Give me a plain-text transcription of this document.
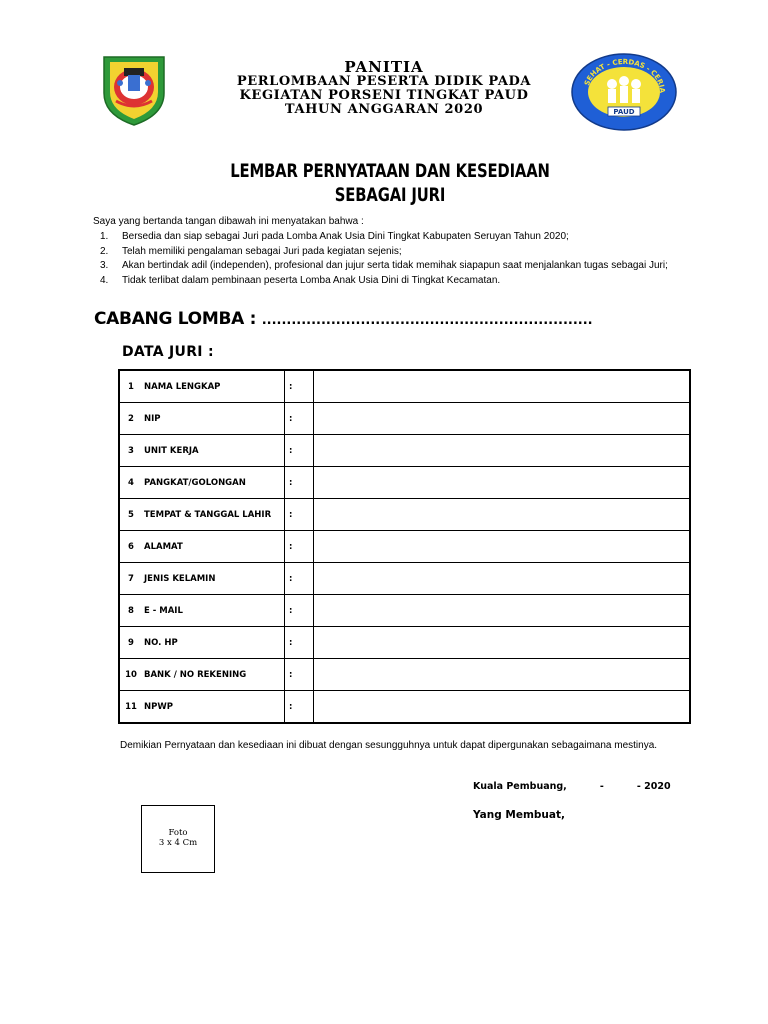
SEHAT - CERDAS - CERIA
PAUD
PANITIA
PERLOMBAAN PESERTA DIDIK PADA
KEGIATAN PORSENI TINGKAT PAUD
TAHUN ANGGARAN 2020
LEMBAR PERNYATAAN DAN KESEDIAAN
SEBAGAI JURI
Saya yang bertanda tangan dibawah ini menyatakan bahwa :
1.	Bersedia dan siap sebagai Juri pada Lomba Anak Usia Dini Tingkat Kabupaten Seruyan Tahun 2020;
2.	Telah memiliki pengalaman sebagai Juri pada kegiatan sejenis;
3.	Akan bertindak adil (independen), profesional dan jujur serta tidak memihak siapapun saat menjalankan tugas sebagai Juri;
4.	Tidak terlibat dalam pembinaan peserta Lomba Anak Usia Dini di Tingkat Kecamatan.
CABANG LOMBA : ...................................................................
DATA JURI :
1	NAMA LENGKAP	:	
2	NIP	:	
3	UNIT KERJA	:	
4	PANGKAT/GOLONGAN	:	
5	TEMPAT & TANGGAL LAHIR	:	
6	ALAMAT	:	
7	JENIS KELAMIN	:	
8	E - MAIL	:	
9	NO. HP	:	
10	BANK / NO REKENING	:	
11	NPWP	:	
Demikian Pernyataan dan kesediaan ini dibuat dengan sesungguhnya untuk dapat dipergunakan sebagaimana mestinya.
Kuala Pembuang,          -          - 2020
Yang Membuat,
Foto
3 x 4 Cm
